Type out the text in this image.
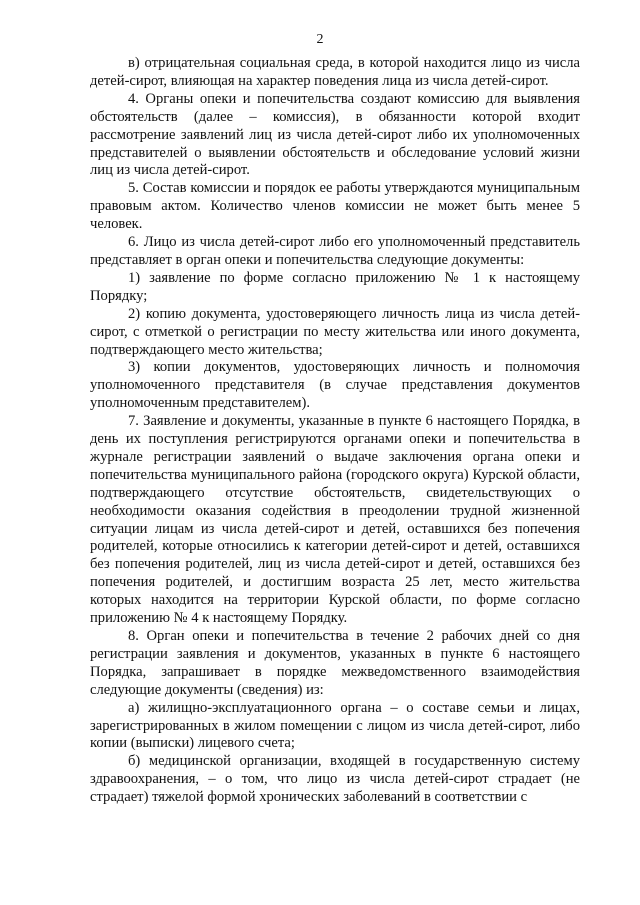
2

в) отрицательная социальная среда, в которой находится лицо из числа детей-сирот, влияющая на характер поведения лица из числа детей-сирот.

4. Органы опеки и попечительства создают комиссию для выявления обстоятельств (далее – комиссия), в обязанности которой входит рассмотрение заявлений лиц из числа детей-сирот либо их уполномоченных представителей о выявлении обстоятельств и обследование условий жизни лиц из числа детей-сирот.

5. Состав комиссии и порядок ее работы утверждаются муниципальным правовым актом. Количество членов комиссии не может быть менее 5 человек.

6. Лицо из числа детей-сирот либо его уполномоченный представитель представляет в орган опеки и попечительства следующие документы:

1) заявление по форме согласно приложению № 1 к настоящему Порядку;

2) копию документа, удостоверяющего личность лица из числа детей-сирот, с отметкой о регистрации по месту жительства или иного документа, подтверждающего место жительства;

3) копии документов, удостоверяющих личность и полномочия уполномоченного представителя (в случае представления документов уполномоченным представителем).

7. Заявление и документы, указанные в пункте 6 настоящего Порядка, в день их поступления регистрируются органами опеки и попечительства в журнале регистрации заявлений о выдаче заключения органа опеки и попечительства муниципального района (городского округа) Курской области, подтверждающего отсутствие обстоятельств, свидетельствующих о необходимости оказания содействия в преодолении трудной жизненной ситуации лицам из числа детей-сирот и детей, оставшихся без попечения родителей, которые относились к категории детей-сирот и детей, оставшихся без попечения родителей, лиц из числа детей-сирот и детей, оставшихся без попечения родителей, и достигшим возраста 25 лет, место жительства которых находится на территории Курской области, по форме согласно приложению № 4 к настоящему Порядку.

8. Орган опеки и попечительства в течение 2 рабочих дней со дня регистрации заявления и документов, указанных в пункте 6 настоящего Порядка, запрашивает в порядке межведомственного взаимодействия следующие документы (сведения) из:

а) жилищно-эксплуатационного органа – о составе семьи и лицах, зарегистрированных в жилом помещении с лицом из числа детей-сирот, либо копии (выписки) лицевого счета;

б) медицинской организации, входящей в государственную систему здравоохранения, – о том, что лицо из числа детей-сирот страдает (не страдает) тяжелой формой хронических заболеваний в соответствии с
